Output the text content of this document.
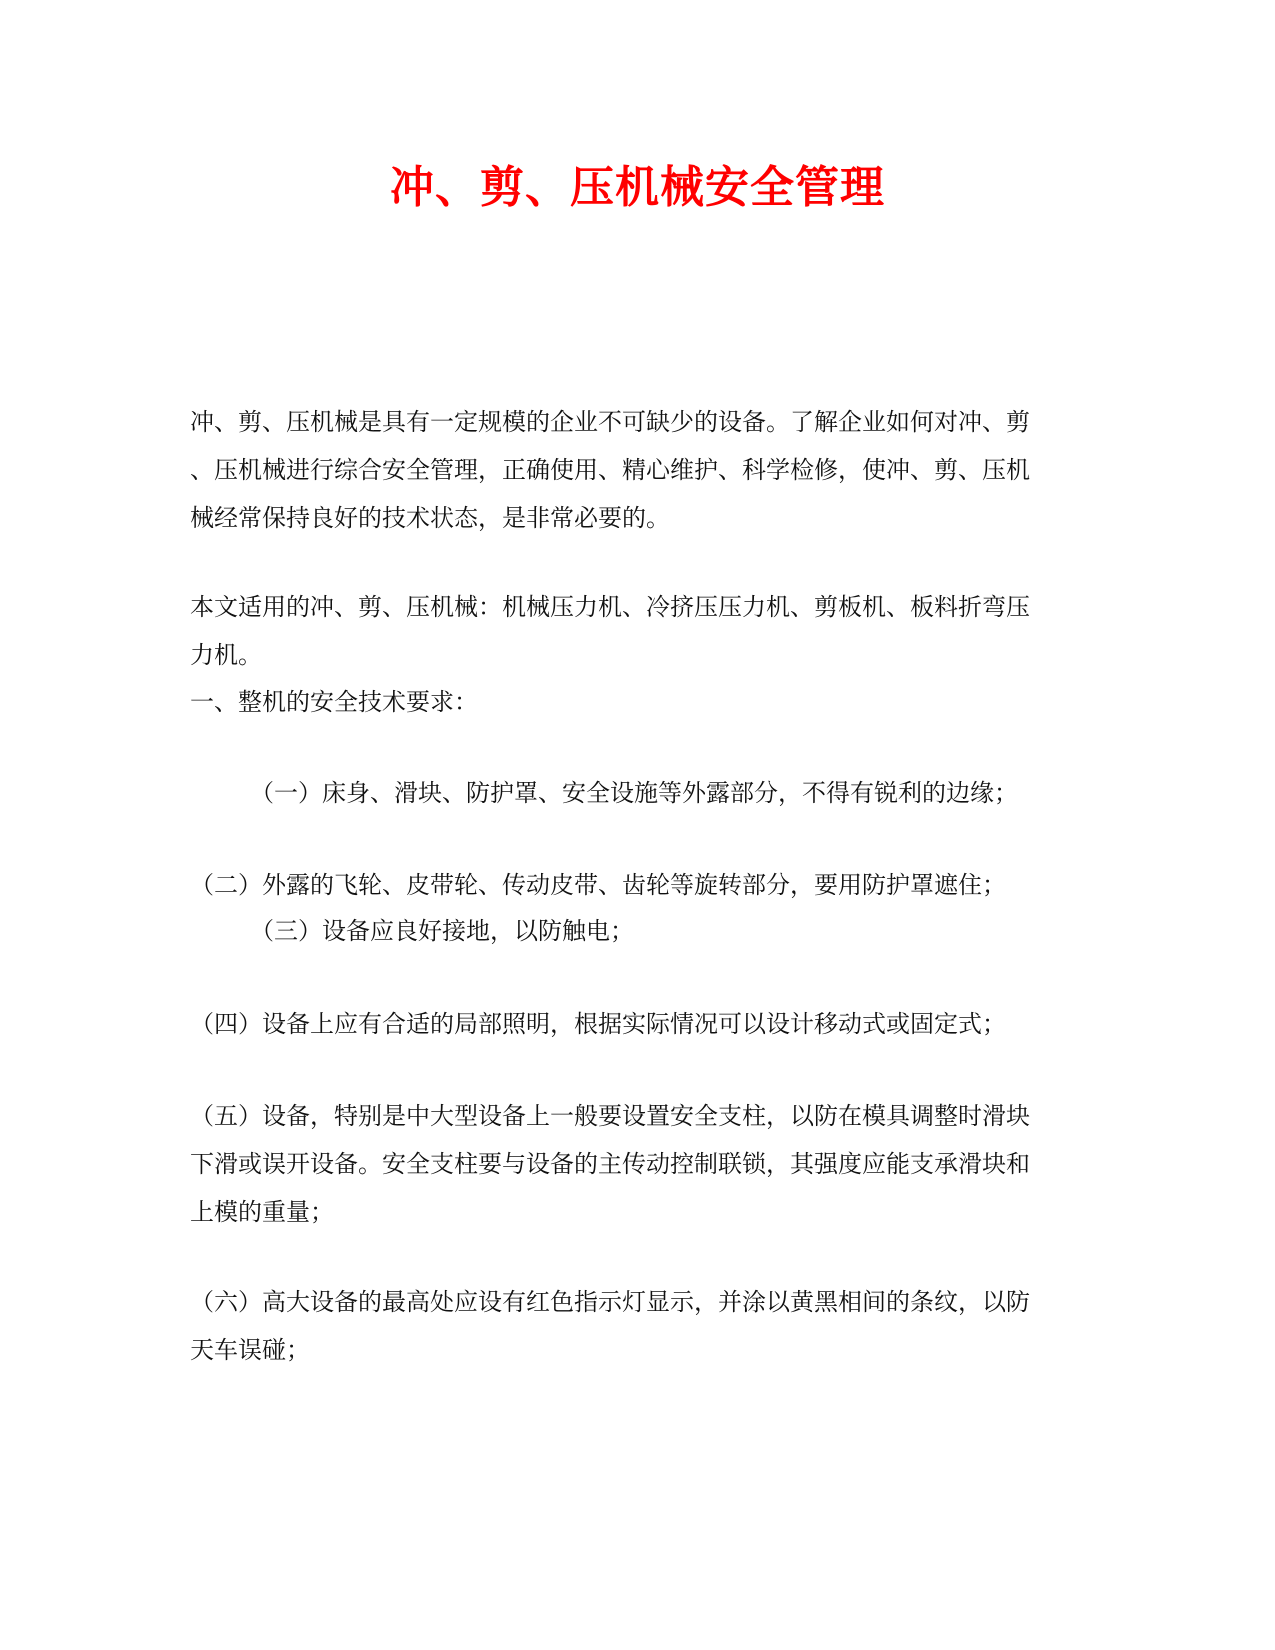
冲、剪、压机械安全管理

冲、剪、压机械是具有一定规模的企业不可缺少的设备。了解企业如何对冲、剪
、压机械进行综合安全管理，正确使用、精心维护、科学检修，使冲、剪、压机
械经常保持良好的技术状态，是非常必要的。

本文适用的冲、剪、压机械：机械压力机、冷挤压压力机、剪板机、板料折弯压
力机。

一、整机的安全技术要求：

（一）床身、滑块、防护罩、安全设施等外露部分，不得有锐利的边缘；

（二）外露的飞轮、皮带轮、传动皮带、齿轮等旋转部分，要用防护罩遮住；

（三）设备应良好接地，以防触电；

（四）设备上应有合适的局部照明，根据实际情况可以设计移动式或固定式；

（五）设备，特别是中大型设备上一般要设置安全支柱，以防在模具调整时滑块
下滑或误开设备。安全支柱要与设备的主传动控制联锁，其强度应能支承滑块和
上模的重量；

（六）高大设备的最高处应设有红色指示灯显示，并涂以黄黑相间的条纹，以防
天车误碰；
